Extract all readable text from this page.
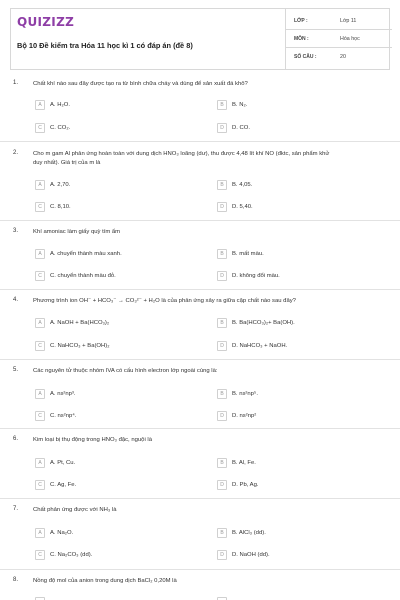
QUIZIZZ
Bộ 10 Đề kiểm tra Hóa 11 học kì 1 có đáp án (đề 8)
LỚP :	Lớp 11
MÔN :	Hóa học
SỐ CÂU :	20
1.	Chất khí nào sau đây được tạo ra từ bình chữa cháy và dùng để sản xuất đá khô?
A	A. H₂O.	B	B. N₂.
C	C. CO₂.	D	D. CO.
2.	Cho m gam Al phản ứng hoàn toàn với dung dịch HNO₃ loãng (dư), thu được 4,48 lít khí NO (đktc, sản phẩm khử
duy nhất). Giá trị của m là
A	A. 2,70.	B	B. 4,05.
C	C. 8,10.	D	D. 5,40.
3.	Khí amoniac làm giấy quỳ tím ẩm
A	A. chuyển thành màu xanh.	B	B. mất màu.
C	C. chuyển thành màu đỏ.	D	D. không đổi màu.
4.	Phương trình ion OH⁻ + HCO₃⁻ → CO₃²⁻ + H₂O là của phản ứng xảy ra giữa cặp chất nào sau đây?
A	A. NaOH + Ba(HCO₃)₂	B	B. Ba(HCO₃)₂+ Ba(OH).
C	C. NaHCO₃ + Ba(OH)₂	D	D. NaHCO₃ + NaOH.
5.	Các nguyên tử thuộc nhóm IVA có cấu hình electron lớp ngoài cùng là:
A	A. ns²np³.	B	B. ns²np⁵.
C	C. ns²np⁴.	D	D. ns²np²
6.	Kim loại bị thụ động trong HNO₃ đặc, nguội là
A	A. Pt, Cu.	B	B. Al, Fe.
C	C. Ag, Fe.	D	D. Pb, Ag.
7.	Chất phản ứng được với NH₃ là
A	A. Na₂O.	B	B. AlCl₃ (dd).
C	C. Na₂CO₃ (dd).	D	D. NaOH (dd).
8.	Nồng độ mol của anion trong dung dịch BaCl₂ 0,20M là
